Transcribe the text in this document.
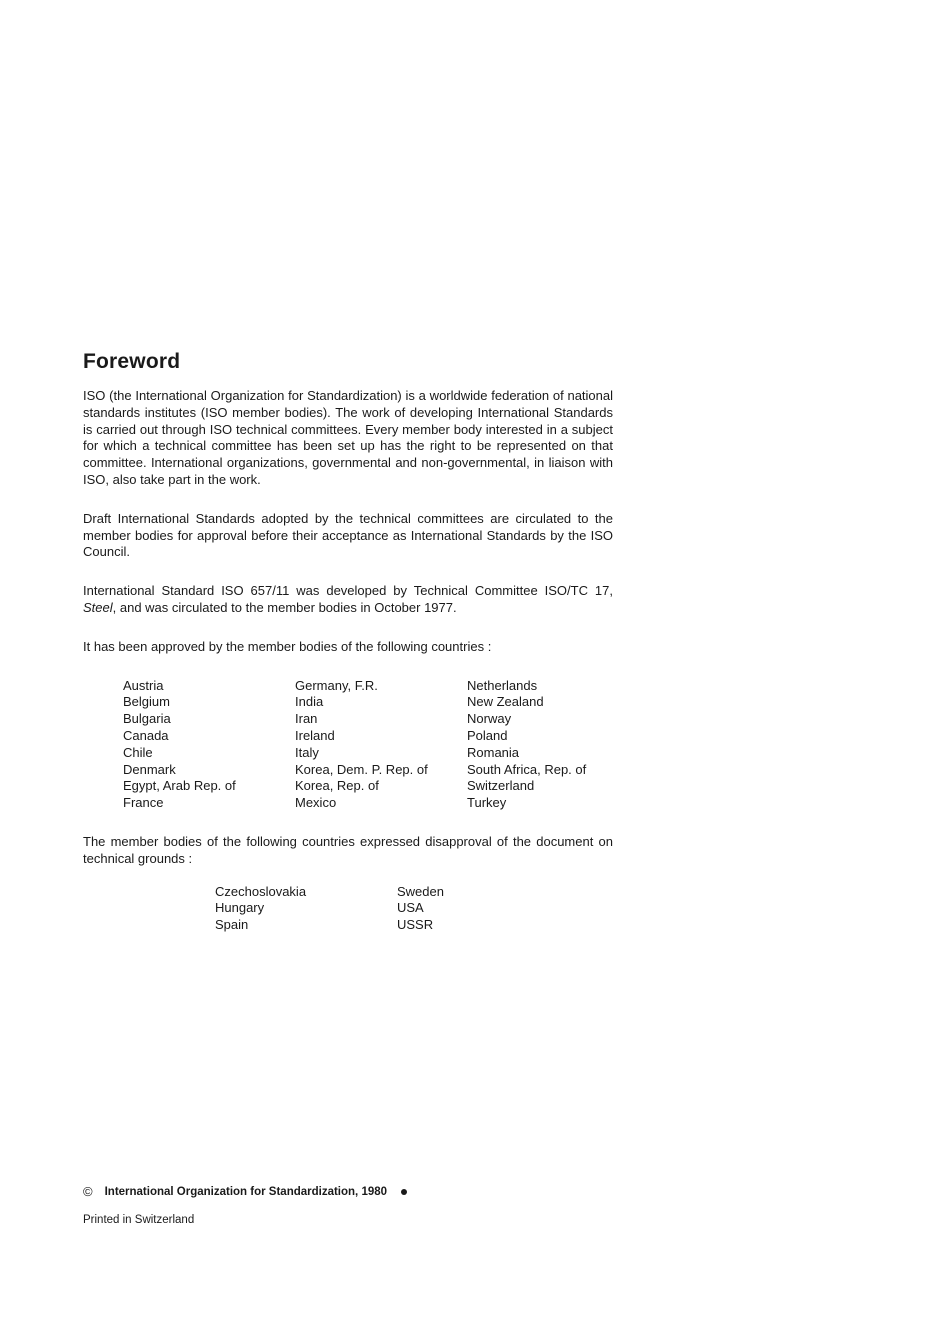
Foreword

ISO (the International Organization for Standardization) is a worldwide federation of national standards institutes (ISO member bodies). The work of developing International Standards is carried out through ISO technical committees. Every member body interested in a subject for which a technical committee has been set up has the right to be represented on that committee. International organizations, governmental and non-governmental, in liaison with ISO, also take part in the work.

Draft International Standards adopted by the technical committees are circulated to the member bodies for approval before their acceptance as International Standards by the ISO Council.

International Standard ISO 657/11 was developed by Technical Committee ISO/TC 17, Steel, and was circulated to the member bodies in October 1977.

It has been approved by the member bodies of the following countries :

Austria
Belgium
Bulgaria
Canada
Chile
Denmark
Egypt, Arab Rep. of
France
Germany, F.R.
India
Iran
Ireland
Italy
Korea, Dem. P. Rep. of
Korea, Rep. of
Mexico
Netherlands
New Zealand
Norway
Poland
Romania
South Africa, Rep. of
Switzerland
Turkey

The member bodies of the following countries expressed disapproval of the document on technical grounds :

Czechoslovakia
Hungary
Spain
Sweden
USA
USSR
© International Organization for Standardization, 1980
Printed in Switzerland
